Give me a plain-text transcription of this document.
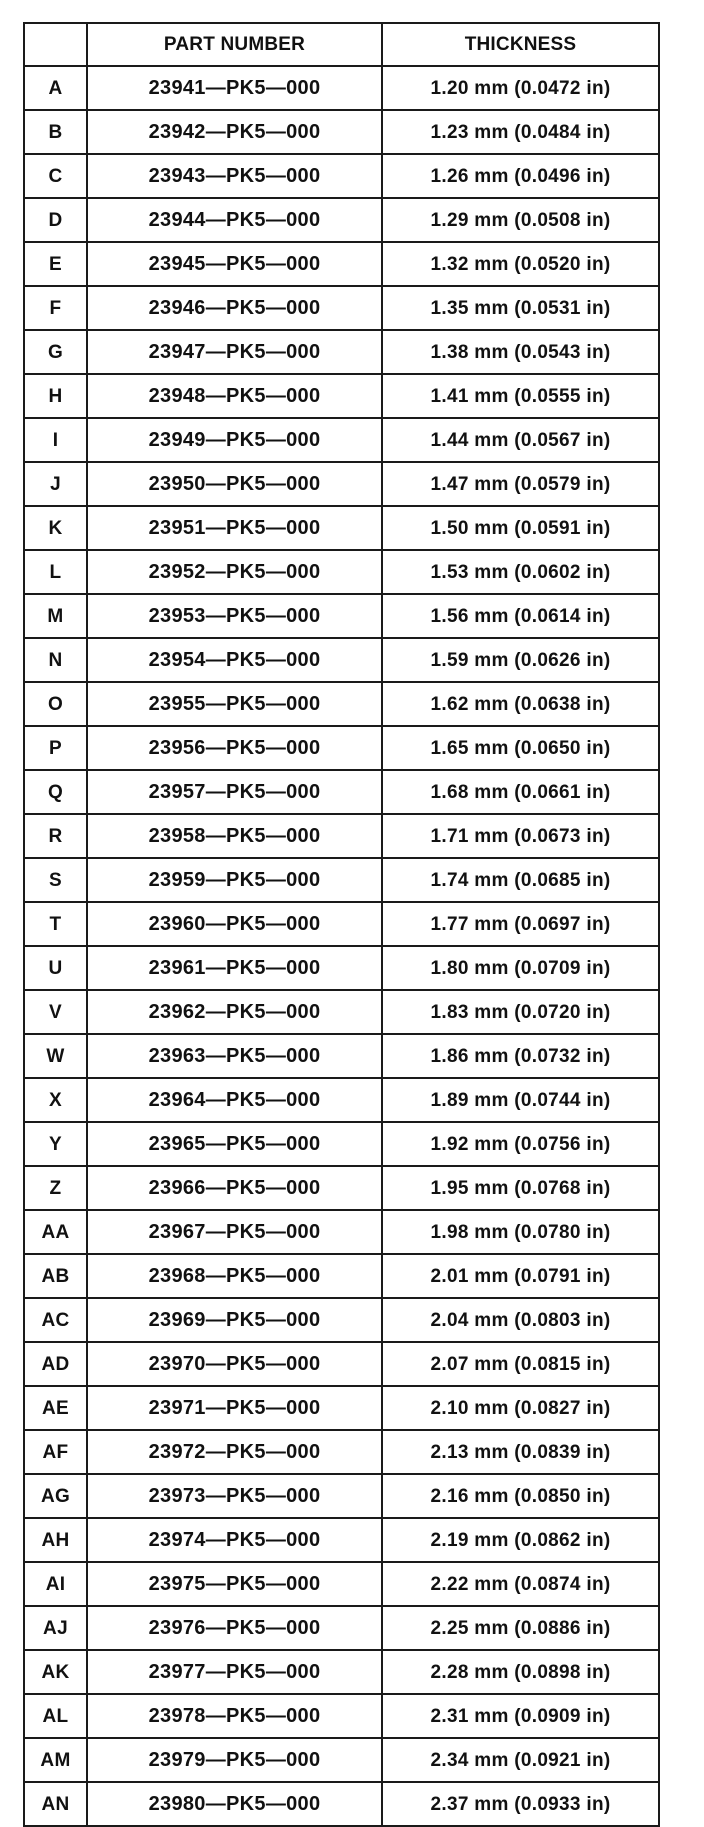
	PART NUMBER	THICKNESS
A	23941—PK5—000	1.20 mm (0.0472 in)
B	23942—PK5—000	1.23 mm (0.0484 in)
C	23943—PK5—000	1.26 mm (0.0496 in)
D	23944—PK5—000	1.29 mm (0.0508 in)
E	23945—PK5—000	1.32 mm (0.0520 in)
F	23946—PK5—000	1.35 mm (0.0531 in)
G	23947—PK5—000	1.38 mm (0.0543 in)
H	23948—PK5—000	1.41 mm (0.0555 in)
I	23949—PK5—000	1.44 mm (0.0567 in)
J	23950—PK5—000	1.47 mm (0.0579 in)
K	23951—PK5—000	1.50 mm (0.0591 in)
L	23952—PK5—000	1.53 mm (0.0602 in)
M	23953—PK5—000	1.56 mm (0.0614 in)
N	23954—PK5—000	1.59 mm (0.0626 in)
O	23955—PK5—000	1.62 mm (0.0638 in)
P	23956—PK5—000	1.65 mm (0.0650 in)
Q	23957—PK5—000	1.68 mm (0.0661 in)
R	23958—PK5—000	1.71 mm (0.0673 in)
S	23959—PK5—000	1.74 mm (0.0685 in)
T	23960—PK5—000	1.77 mm (0.0697 in)
U	23961—PK5—000	1.80 mm (0.0709 in)
V	23962—PK5—000	1.83 mm (0.0720 in)
W	23963—PK5—000	1.86 mm (0.0732 in)
X	23964—PK5—000	1.89 mm (0.0744 in)
Y	23965—PK5—000	1.92 mm (0.0756 in)
Z	23966—PK5—000	1.95 mm (0.0768 in)
AA	23967—PK5—000	1.98 mm (0.0780 in)
AB	23968—PK5—000	2.01 mm (0.0791 in)
AC	23969—PK5—000	2.04 mm (0.0803 in)
AD	23970—PK5—000	2.07 mm (0.0815 in)
AE	23971—PK5—000	2.10 mm (0.0827 in)
AF	23972—PK5—000	2.13 mm (0.0839 in)
AG	23973—PK5—000	2.16 mm (0.0850 in)
AH	23974—PK5—000	2.19 mm (0.0862 in)
AI	23975—PK5—000	2.22 mm (0.0874 in)
AJ	23976—PK5—000	2.25 mm (0.0886 in)
AK	23977—PK5—000	2.28 mm (0.0898 in)
AL	23978—PK5—000	2.31 mm (0.0909 in)
AM	23979—PK5—000	2.34 mm (0.0921 in)
AN	23980—PK5—000	2.37 mm (0.0933 in)
